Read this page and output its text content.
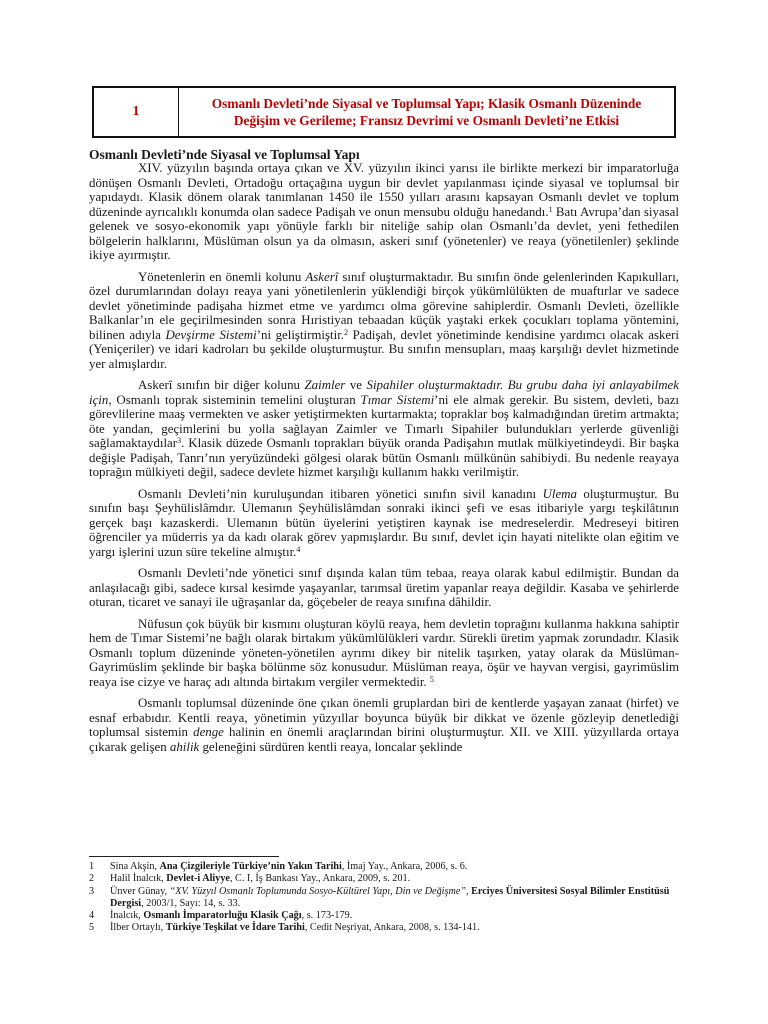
1
Osmanlı Devleti’nde Siyasal ve Toplumsal Yapı; Klasik Osmanlı Düzeninde Değişim ve Gerileme; Fransız Devrimi ve Osmanlı Devleti’ne Etkisi
Osmanlı Devleti’nde Siyasal ve Toplumsal Yapı

XIV. yüzyılın başında ortaya çıkan ve XV. yüzyılın ikinci yarısı ile birlikte merkezi bir imparatorluğa dönüşen Osmanlı Devleti, Ortadoğu ortaçağına uygun bir devlet yapılanması içinde siyasal ve toplumsal bir yapıdaydı. Klasik dönem olarak tanımlanan 1450 ile 1550 yılları arasını kapsayan Osmanlı devlet ve toplum düzeninde ayrıcalıklı konumda olan sadece Padişah ve onun mensubu olduğu hanedandı.$^1$ Batı Avrupa’dan siyasal gelenek ve sosyo-ekonomik yapı yönüyle farklı bir niteliğe sahip olan Osmanlı’da devlet, yeni fethedilen bölgelerin halklarını, Müslüman olsun ya da olmasın, askeri sınıf (yönetenler) ve reaya (yönetilenler) şeklinde ikiye ayırmıştır.

Yönetenlerin en önemli kolunu Askerî sınıf oluşturmaktadır. Bu sınıfın önde gelenlerinden Kapıkulları, özel durumlarından dolayı reaya yani yönetilenlerin yüklendiği birçok yükümlülükten de muaftırlar ve sadece devlet yönetiminde padişaha hizmet etme ve yardımcı olma görevine sahiplerdir. Osmanlı Devleti, özellikle Balkanlar’ın ele geçirilmesinden sonra Hıristiyan tebaadan küçük yaştaki erkek çocukları toplama yöntemini, bilinen adıyla Devşirme Sistemi’ni geliştirmiştir.$^2$ Padişah, devlet yönetiminde kendisine yardımcı olacak askeri (Yeniçeriler) ve idari kadroları bu şekilde oluşturmuştur. Bu sınıfın mensupları, maaş karşılığı devlet hizmetinde yer almışlardır.

Askerî sınıfın bir diğer kolunu Zaimler ve Sipahiler oluşturmaktadır. Bu grubu daha iyi anlayabilmek için, Osmanlı toprak sisteminin temelini oluşturan Tımar Sistemi’ni ele almak gerekir. Bu sistem, devleti, bazı görevlilerine maaş vermekten ve asker yetiştirmekten kurtarmakta; topraklar boş kalmadığından üretim artmakta; öte yandan, geçimlerini bu yolla sağlayan Zaimler ve Tımarlı Sipahiler bulundukları yerlerde güvenliği sağlamaktaydılar$^3$. Klasik düzede Osmanlı toprakları büyük oranda Padişahın mutlak mülkiyetindeydi. Bir başka değişle Padişah, Tanrı’nın yeryüzündeki gölgesi olarak bütün Osmanlı mülkünün sahibiydi. Bu nedenle reayaya toprağın mülkiyeti değil, sadece devlete hizmet karşılığı kullanım hakkı verilmiştir.

Osmanlı Devleti’nin kuruluşundan itibaren yönetici sınıfın sivil kanadını Ulema oluşturmuştur. Bu sınıfın başı Şeyhülislâmdır. Ulemanın Şeyhülislâmdan sonraki ikinci şefi ve esas itibariyle yargı teşkilâtının gerçek başı kazaskerdi. Ulemanın bütün üyelerini yetiştiren kaynak ise medreselerdir. Medreseyi bitiren öğrenciler ya müderris ya da kadı olarak görev yapmışlardır. Bu sınıf, devlet için hayati nitelikte olan eğitim ve yargı işlerini uzun süre tekeline almıştır.$^4$

Osmanlı Devleti’nde yönetici sınıf dışında kalan tüm tebaa, reaya olarak kabul edilmiştir. Bundan da anlaşılacağı gibi, sadece kırsal kesimde yaşayanlar, tarımsal üretim yapanlar reaya değildir. Kasaba ve şehirlerde oturan, ticaret ve sanayi ile uğraşanlar da, göçebeler de reaya sınıfına dâhildir.

Nüfusun çok büyük bir kısmını oluşturan köylü reaya, hem devletin toprağını kullanma hakkına sahiptir hem de Tımar Sistemi’ne bağlı olarak birtakım yükümlülükleri vardır. Sürekli üretim yapmak zorundadır. Klasik Osmanlı toplum düzeninde yöneten-yönetilen ayrımı dikey bir nitelik taşırken, yatay olarak da Müslüman-Gayrimüslim şeklinde bir başka bölünme söz konusudur. Müslüman reaya, öşür ve hayvan vergisi, gayrimüslim reaya ise cizye ve haraç adı altında birtakım vergiler vermektedir. $^5$

Osmanlı toplumsal düzeninde öne çıkan önemli gruplardan biri de kentlerde yaşayan zanaat (hirfet) ve esnaf erbabıdır. Kentli reaya, yönetimin yüzyıllar boyunca büyük bir dikkat ve özenle gözleyip denetlediği toplumsal sistemin denge halinin en önemli araçlarından birini oluşturmuştur. XII. ve XIII. yüzyıllarda ortaya çıkarak gelişen ahilik geleneğini sürdüren kentli reaya, loncalar şeklinde

1	Sina Akşin, Ana Çizgileriyle Türkiye’nin Yakın Tarihi, İmaj Yay., Ankara, 2006, s. 6.
2	Halil İnalcık, Devlet-i Aliyye, C. I, İş Bankası Yay., Ankara, 2009, s. 201.
3	Ünver Günay, “XV. Yüzyıl Osmanlı Toplumunda Sosyo-Kültürel Yapı, Din ve Değişme”, Erciyes Üniversitesi Sosyal Bilimler Enstitüsü Dergisi, 2003/1, Sayı: 14, s. 33.
4	İnalcık, Osmanlı İmparatorluğu Klasik Çağı, s. 173-179.
5	İlber Ortaylı, Türkiye Teşkilat ve İdare Tarihi, Cedit Neşriyat, Ankara, 2008, s. 134-141.
